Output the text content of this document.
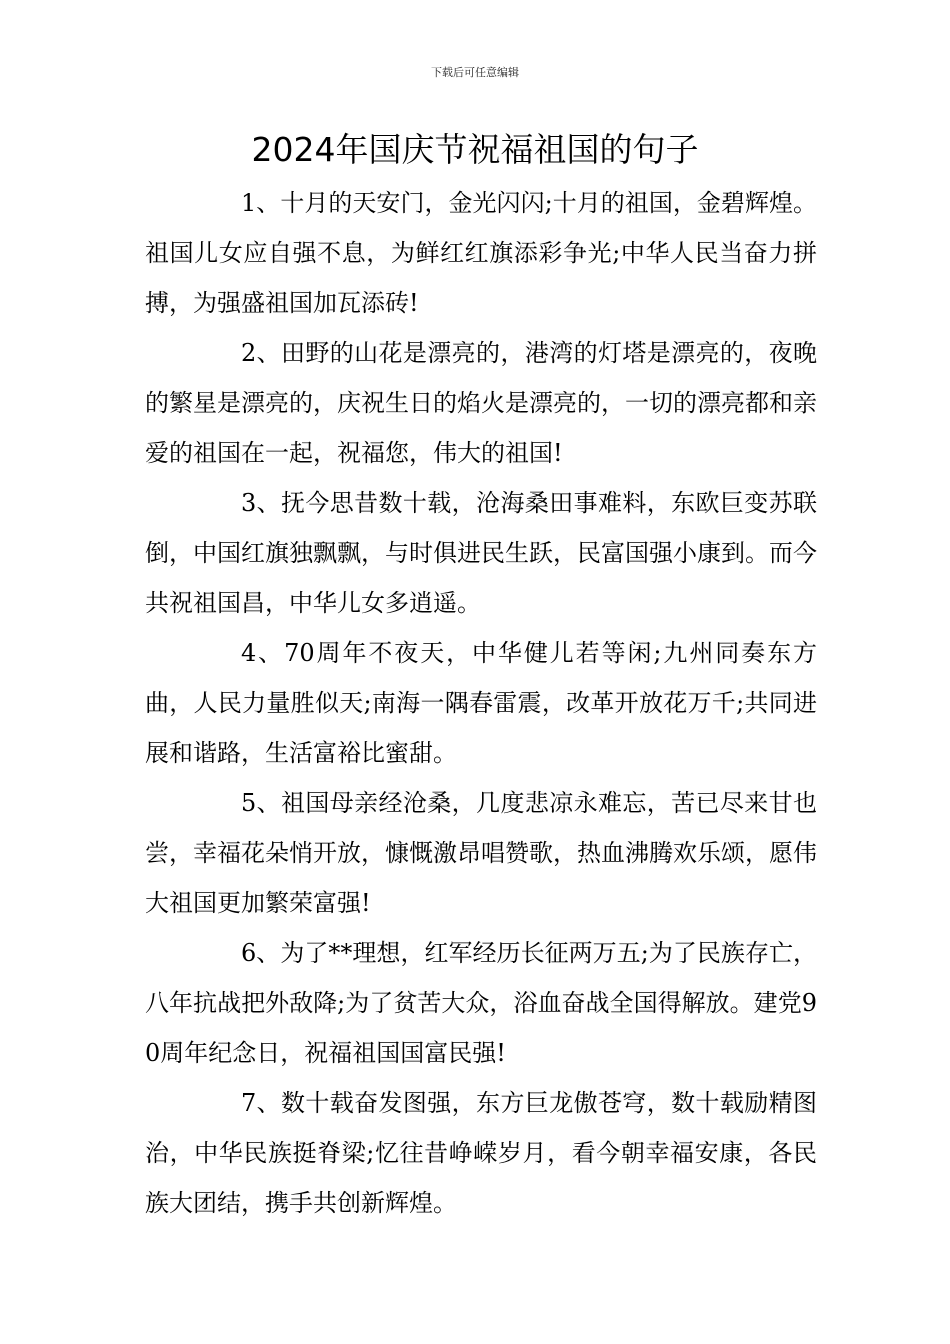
下载后可任意编辑
2024年国庆节祝福祖国的句子

1、十月的天安门，金光闪闪;十月的祖国，金碧辉煌。祖国儿女应自强不息，为鲜红红旗添彩争光;中华人民当奋力拼搏，为强盛祖国加瓦添砖!

2、田野的山花是漂亮的，港湾的灯塔是漂亮的，夜晚的繁星是漂亮的，庆祝生日的焰火是漂亮的，一切的漂亮都和亲爱的祖国在一起，祝福您，伟大的祖国!

3、抚今思昔数十载，沧海桑田事难料，东欧巨变苏联倒，中国红旗独飘飘，与时俱进民生跃，民富国强小康到。而今共祝祖国昌，中华儿女多逍遥。

4、70周年不夜天，中华健儿若等闲;九州同奏东方曲，人民力量胜似天;南海一隅春雷震，改革开放花万千;共同进展和谐路，生活富裕比蜜甜。

5、祖国母亲经沧桑，几度悲凉永难忘，苦已尽来甘也尝，幸福花朵悄开放，慷慨激昂唱赞歌，热血沸腾欢乐颂，愿伟大祖国更加繁荣富强!

6、为了**理想，红军经历长征两万五;为了民族存亡，八年抗战把外敌降;为了贫苦大众，浴血奋战全国得解放。建党90周年纪念日，祝福祖国国富民强!

7、数十载奋发图强，东方巨龙傲苍穹，数十载励精图治，中华民族挺脊梁;忆往昔峥嵘岁月，看今朝幸福安康，各民族大团结，携手共创新辉煌。
